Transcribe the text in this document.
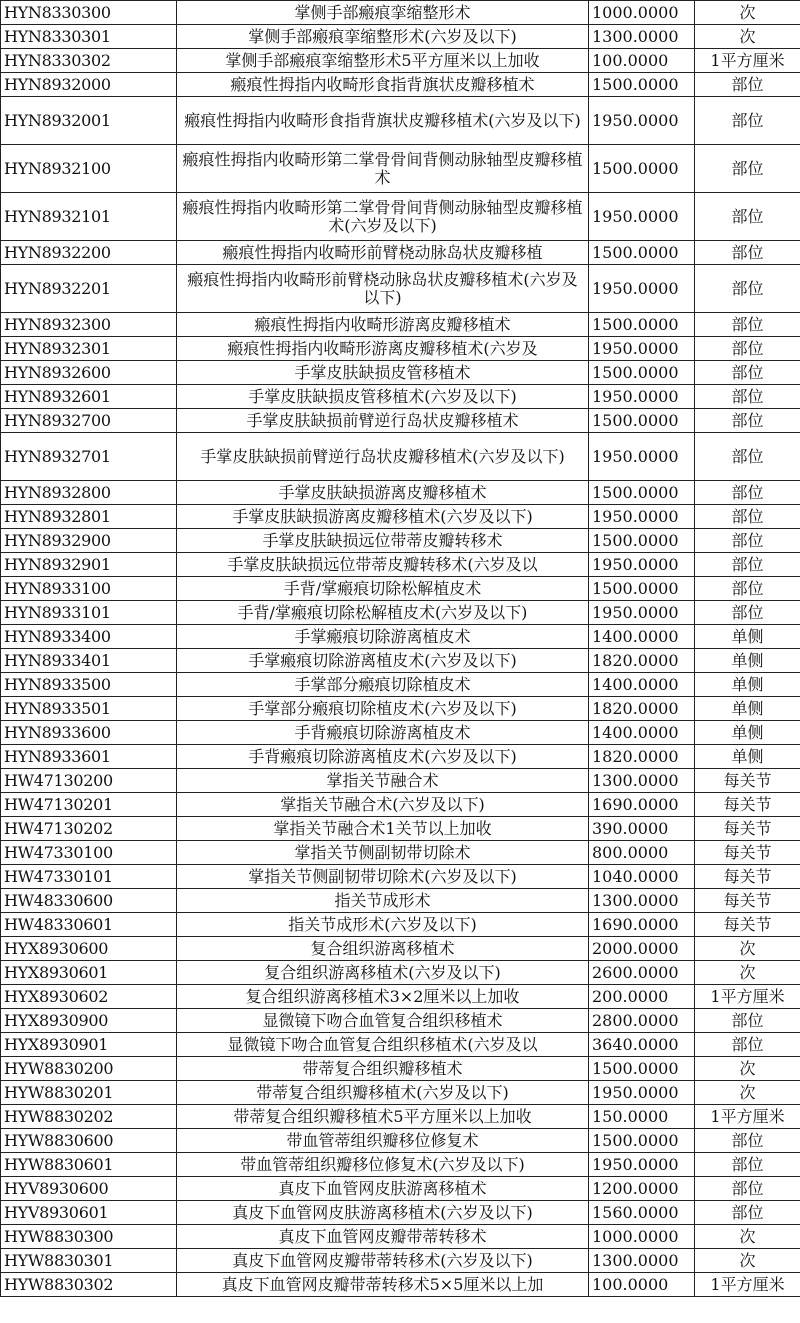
HYN8330300	掌侧手部瘢痕挛缩整形术	1000.0000	次
HYN8330301	掌侧手部瘢痕挛缩整形术(六岁及以下)	1300.0000	次
HYN8330302	掌侧手部瘢痕挛缩整形术5平方厘米以上加收	100.0000	1平方厘米
HYN8932000	瘢痕性拇指内收畸形食指背旗状皮瓣移植术	1500.0000	部位
HYN8932001	瘢痕性拇指内收畸形食指背旗状皮瓣移植术(六岁及以下)	1950.0000	部位
HYN8932100	瘢痕性拇指内收畸形第二掌骨骨间背侧动脉轴型皮瓣移植术	1500.0000	部位
HYN8932101	瘢痕性拇指内收畸形第二掌骨骨间背侧动脉轴型皮瓣移植术(六岁及以下)	1950.0000	部位
HYN8932200	瘢痕性拇指内收畸形前臂桡动脉岛状皮瓣移植	1500.0000	部位
HYN8932201	瘢痕性拇指内收畸形前臂桡动脉岛状皮瓣移植术(六岁及以下)	1950.0000	部位
HYN8932300	瘢痕性拇指内收畸形游离皮瓣移植术	1500.0000	部位
HYN8932301	瘢痕性拇指内收畸形游离皮瓣移植术(六岁及	1950.0000	部位
HYN8932600	手掌皮肤缺损皮管移植术	1500.0000	部位
HYN8932601	手掌皮肤缺损皮管移植术(六岁及以下)	1950.0000	部位
HYN8932700	手掌皮肤缺损前臂逆行岛状皮瓣移植术	1500.0000	部位
HYN8932701	手掌皮肤缺损前臂逆行岛状皮瓣移植术(六岁及以下)	1950.0000	部位
HYN8932800	手掌皮肤缺损游离皮瓣移植术	1500.0000	部位
HYN8932801	手掌皮肤缺损游离皮瓣移植术(六岁及以下)	1950.0000	部位
HYN8932900	手掌皮肤缺损远位带蒂皮瓣转移术	1500.0000	部位
HYN8932901	手掌皮肤缺损远位带蒂皮瓣转移术(六岁及以	1950.0000	部位
HYN8933100	手背/掌瘢痕切除松解植皮术	1500.0000	部位
HYN8933101	手背/掌瘢痕切除松解植皮术(六岁及以下)	1950.0000	部位
HYN8933400	手掌瘢痕切除游离植皮术	1400.0000	单侧
HYN8933401	手掌瘢痕切除游离植皮术(六岁及以下)	1820.0000	单侧
HYN8933500	手掌部分瘢痕切除植皮术	1400.0000	单侧
HYN8933501	手掌部分瘢痕切除植皮术(六岁及以下)	1820.0000	单侧
HYN8933600	手背瘢痕切除游离植皮术	1400.0000	单侧
HYN8933601	手背瘢痕切除游离植皮术(六岁及以下)	1820.0000	单侧
HW47130200	掌指关节融合术	1300.0000	每关节
HW47130201	掌指关节融合术(六岁及以下)	1690.0000	每关节
HW47130202	掌指关节融合术1关节以上加收	390.0000	每关节
HW47330100	掌指关节侧副韧带切除术	800.0000	每关节
HW47330101	掌指关节侧副韧带切除术(六岁及以下)	1040.0000	每关节
HW48330600	指关节成形术	1300.0000	每关节
HW48330601	指关节成形术(六岁及以下)	1690.0000	每关节
HYX8930600	复合组织游离移植术	2000.0000	次
HYX8930601	复合组织游离移植术(六岁及以下)	2600.0000	次
HYX8930602	复合组织游离移植术3×2厘米以上加收	200.0000	1平方厘米
HYX8930900	显微镜下吻合血管复合组织移植术	2800.0000	部位
HYX8930901	显微镜下吻合血管复合组织移植术(六岁及以	3640.0000	部位
HYW8830200	带蒂复合组织瓣移植术	1500.0000	次
HYW8830201	带蒂复合组织瓣移植术(六岁及以下)	1950.0000	次
HYW8830202	带蒂复合组织瓣移植术5平方厘米以上加收	150.0000	1平方厘米
HYW8830600	带血管蒂组织瓣移位修复术	1500.0000	部位
HYW8830601	带血管蒂组织瓣移位修复术(六岁及以下)	1950.0000	部位
HYV8930600	真皮下血管网皮肤游离移植术	1200.0000	部位
HYV8930601	真皮下血管网皮肤游离移植术(六岁及以下)	1560.0000	部位
HYW8830300	真皮下血管网皮瓣带蒂转移术	1000.0000	次
HYW8830301	真皮下血管网皮瓣带蒂转移术(六岁及以下)	1300.0000	次
HYW8830302	真皮下血管网皮瓣带蒂转移术5×5厘米以上加	100.0000	1平方厘米
